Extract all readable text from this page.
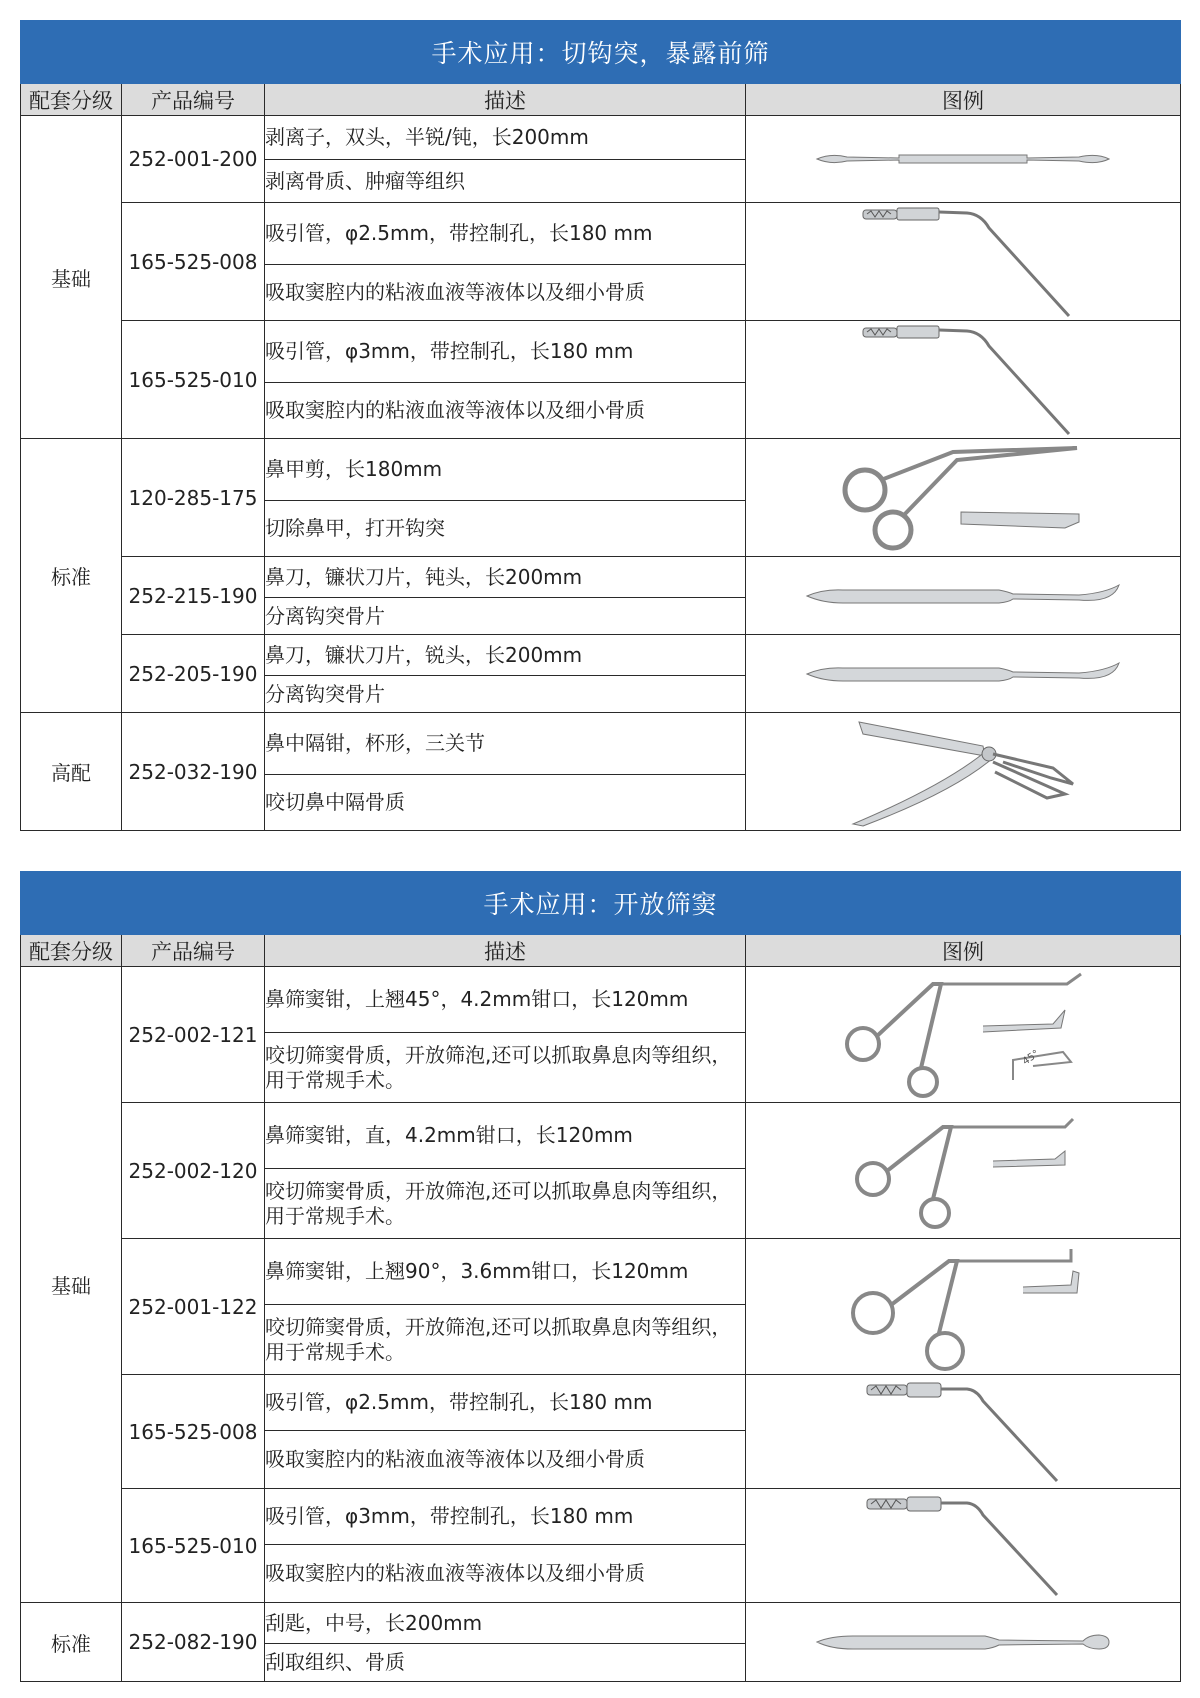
手术应用：切钩突，暴露前筛			
配套分级	产品编号	描述	图例
基础	252-001-200	剥离子，双头，半锐/钝，长200mm	

		剥离骨质、肿瘤等组织	
	165-525-008	吸引管，φ2.5mm，带控制孔，长180 mm	

		吸取窦腔内的粘液血液等液体以及细小骨质	
	165-525-010	吸引管，φ3mm，带控制孔，长180 mm	

		吸取窦腔内的粘液血液等液体以及细小骨质	
标准	120-285-175	鼻甲剪，长180mm	

		切除鼻甲，打开钩突	
	252-215-190	鼻刀，镰状刀片，钝头，长200mm	

		分离钩突骨片	
	252-205-190	鼻刀，镰状刀片，锐头，长200mm	

		分离钩突骨片	
高配	252-032-190	鼻中隔钳，杯形，三关节	

		咬切鼻中隔骨质	
手术应用：开放筛窦			
配套分级	产品编号	描述	图例
基础	252-002-121	鼻筛窦钳，上翘45°，4.2mm钳口，长120mm	45°

		咬切筛窦骨质，开放筛泡,还可以抓取鼻息肉等组织，用于常规手术。	
	252-002-120	鼻筛窦钳，直，4.2mm钳口，长120mm	

		咬切筛窦骨质，开放筛泡,还可以抓取鼻息肉等组织，用于常规手术。	
	252-001-122	鼻筛窦钳，上翘90°，3.6mm钳口，长120mm	

		咬切筛窦骨质，开放筛泡,还可以抓取鼻息肉等组织，用于常规手术。	
	165-525-008	吸引管，φ2.5mm，带控制孔，长180 mm	

		吸取窦腔内的粘液血液等液体以及细小骨质	
	165-525-010	吸引管，φ3mm，带控制孔，长180 mm	

		吸取窦腔内的粘液血液等液体以及细小骨质	
标准	252-082-190	刮匙，中号，长200mm	

		刮取组织、骨质	
